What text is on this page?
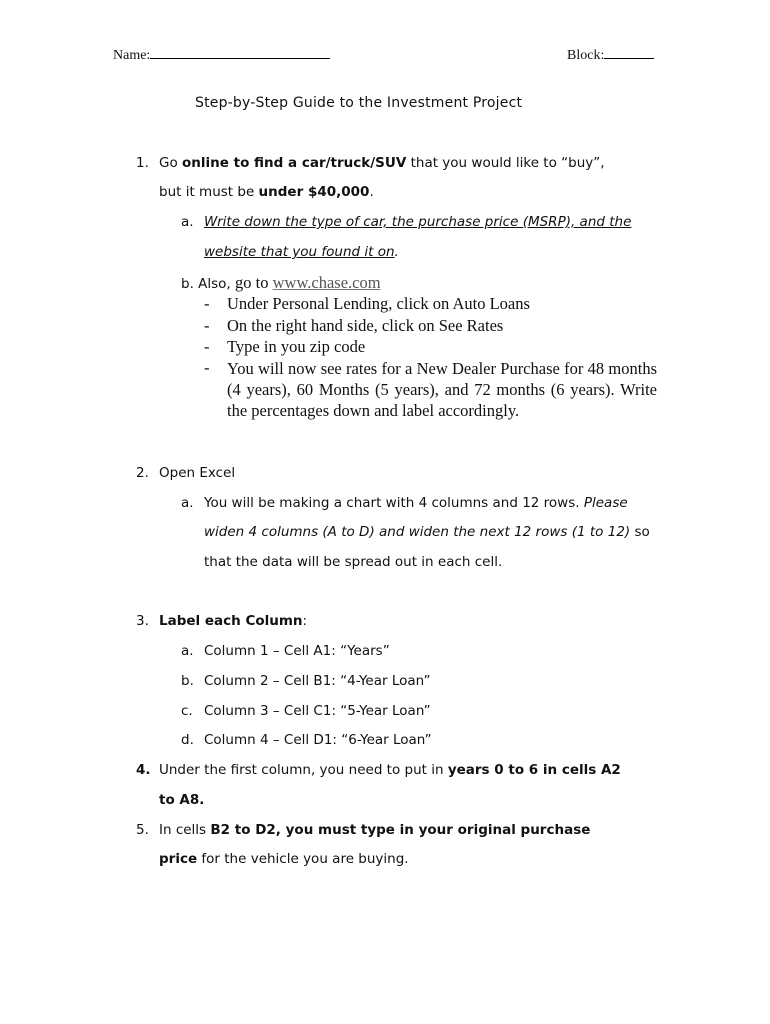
Name:	Block:
Step-by-Step Guide to the Investment Project
1. Go online to find a car/truck/SUV that you would like to “buy”,
but it must be under $40,000.
a. Write down the type of car, the purchase price (MSRP), and the
website that you found it on.
b. Also, go to www.chase.com
- Under Personal Lending, click on Auto Loans
- On the right hand side, click on See Rates
- Type in you zip code
- You will now see rates for a New Dealer Purchase for 48 months (4 years), 60 Months (5 years), and 72 months (6 years). Write the percentages down and label accordingly.
2. Open Excel
a. You will be making a chart with 4 columns and 12 rows. Please
widen 4 columns (A to D) and widen the next 12 rows (1 to 12) so
that the data will be spread out in each cell.
3. Label each Column:
a. Column 1 – Cell A1: “Years”
b. Column 2 – Cell B1: “4-Year Loan”
c. Column 3 – Cell C1: “5-Year Loan”
d. Column 4 – Cell D1: “6-Year Loan”
4. Under the first column, you need to put in years 0 to 6 in cells A2
to A8.
5. In cells B2 to D2, you must type in your original purchase
price for the vehicle you are buying.
